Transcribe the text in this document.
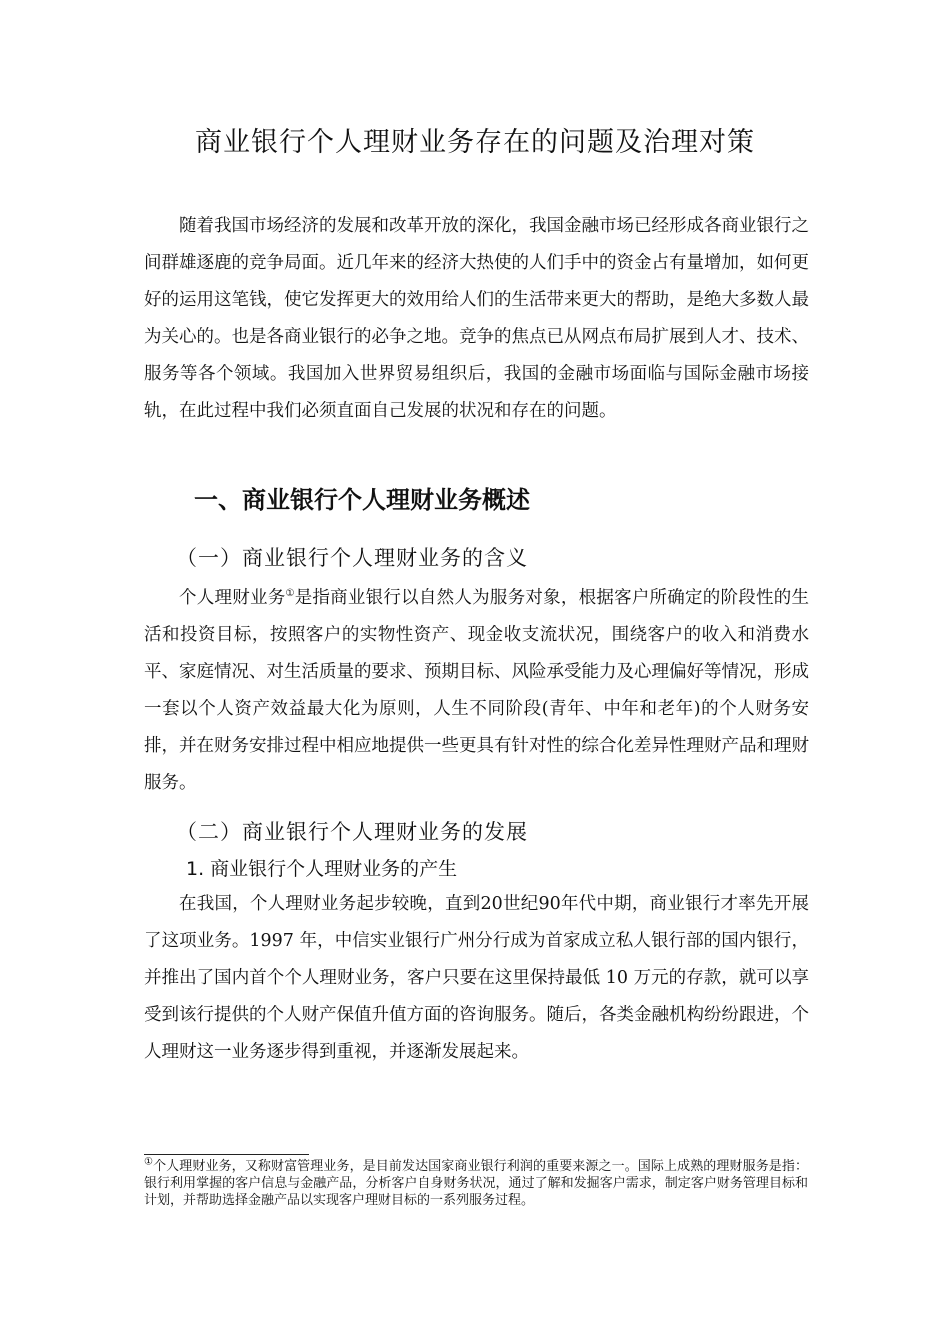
商业银行个人理财业务存在的问题及治理对策

随着我国市场经济的发展和改革开放的深化，我国金融市场已经形成各商业银行之间群雄逐鹿的竞争局面。近几年来的经济大热使的人们手中的资金占有量增加，如何更好的运用这笔钱，使它发挥更大的效用给人们的生活带来更大的帮助，是绝大多数人最为关心的。也是各商业银行的必争之地。竞争的焦点已从网点布局扩展到人才、技术、服务等各个领域。我国加入世界贸易组织后，我国的金融市场面临与国际金融市场接轨，在此过程中我们必须直面自己发展的状况和存在的问题。

一、商业银行个人理财业务概述
（一）商业银行个人理财业务的含义

个人理财业务①是指商业银行以自然人为服务对象，根据客户所确定的阶段性的生活和投资目标，按照客户的实物性资产、现金收支流状况，围绕客户的收入和消费水平、家庭情况、对生活质量的要求、预期目标、风险承受能力及心理偏好等情况，形成一套以个人资产效益最大化为原则，人生不同阶段(青年、中年和老年)的个人财务安排，并在财务安排过程中相应地提供一些更具有针对性的综合化差异性理财产品和理财服务。

（二）商业银行个人理财业务的发展
1. 商业银行个人理财业务的产生

在我国，个人理财业务起步较晚，直到20世纪90年代中期，商业银行才率先开展了这项业务。1997 年，中信实业银行广州分行成为首家成立私人银行部的国内银行，并推出了国内首个个人理财业务，客户只要在这里保持最低 10 万元的存款，就可以享受到该行提供的个人财产保值升值方面的咨询服务。随后，各类金融机构纷纷跟进，个人理财这一业务逐步得到重视，并逐渐发展起来。

①个人理财业务，又称财富管理业务，是目前发达国家商业银行利润的重要来源之一。国际上成熟的理财服务是指：银行利用掌握的客户信息与金融产品，分析客户自身财务状况，通过了解和发掘客户需求，制定客户财务管理目标和计划，并帮助选择金融产品以实现客户理财目标的一系列服务过程。
